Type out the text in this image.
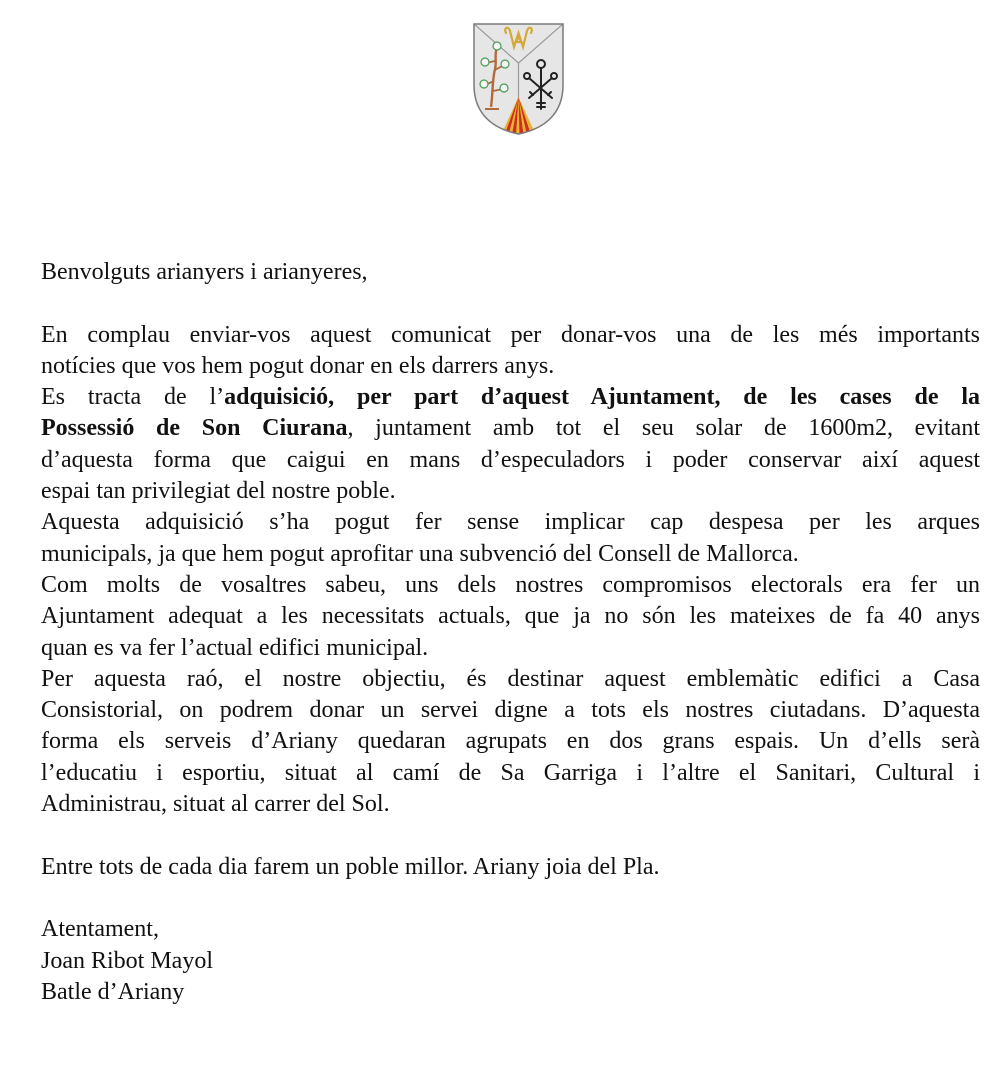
Benvolguts arianyers i arianyeres,
En complau enviar-vos aquest comunicat per donar-vos una de les més importants
notícies que vos hem pogut donar en els darrers anys.
Es tracta de l’adquisició, per part d’aquest Ajuntament, de les cases de la
Possessió de Son Ciurana, juntament amb tot el seu solar de 1600m2, evitant
d’aquesta forma que caigui en mans d’especuladors i poder conservar així aquest
espai tan privilegiat del nostre poble.
Aquesta adquisició s’ha pogut fer sense implicar cap despesa per les arques
municipals, ja que hem pogut aprofitar una subvenció del Consell de Mallorca.
Com molts de vosaltres sabeu, uns dels nostres compromisos electorals era fer un
Ajuntament adequat a les necessitats actuals, que ja no són les mateixes de fa 40 anys
quan es va fer l’actual edifici municipal.
Per aquesta raó, el nostre objectiu, és destinar aquest emblemàtic edifici a Casa
Consistorial, on podrem donar un servei digne a tots els nostres ciutadans. D’aquesta
forma els serveis d’Ariany quedaran agrupats en dos grans espais. Un d’ells serà
l’educatiu i esportiu, situat al camí de Sa Garriga i l’altre el Sanitari, Cultural i
Administrau, situat al carrer del Sol.
Entre tots de cada dia farem un poble millor. Ariany joia del Pla.
Atentament,
Joan Ribot Mayol
Batle d’Ariany
